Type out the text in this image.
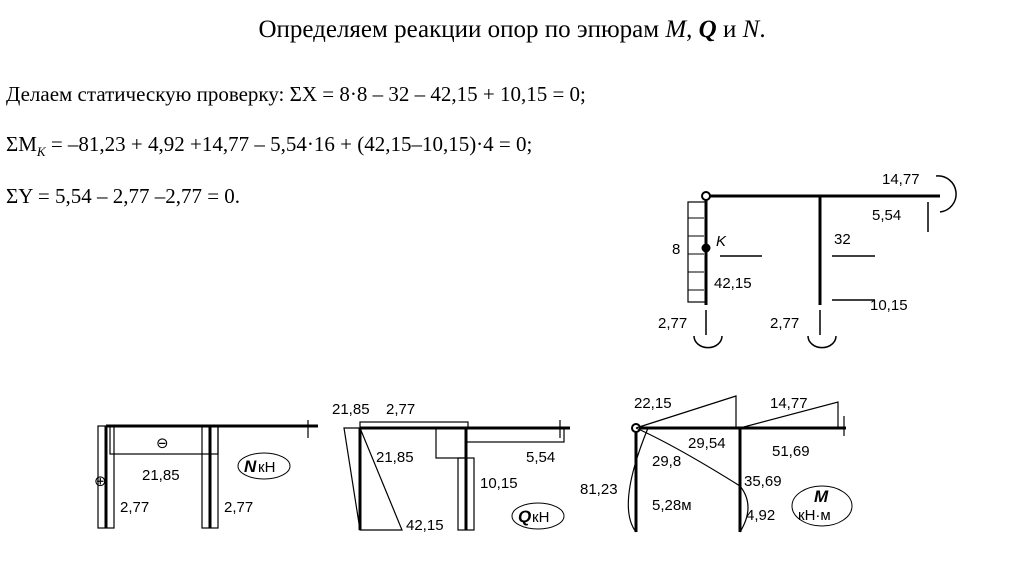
Определяем реакции опор по эпюрам M, Q и N.
Делаем статическую проверку: ΣX = 8·8 – 32 – 42,15 + 10,15 = 0;
$\Sigma M_K = -81,23 + 4,92 +14,77 - 5,54\cdot 16 + (42,15-10,15)\cdot 4 = 0$;
ΣY = 5,54 – 2,77 –2,77 = 0.
8 K
14,77
5,54
32
42,15
10,15
2,77	2,77
⊖
⊕ 21,85
2,77	2,77
N кН
21,85 2,77
21,85	5,54
10,15
42,15	Q кН
22,15	14,77
29,54	51,69
29,8
81,23
5,28м
35,69
4,92
M
кН·м
